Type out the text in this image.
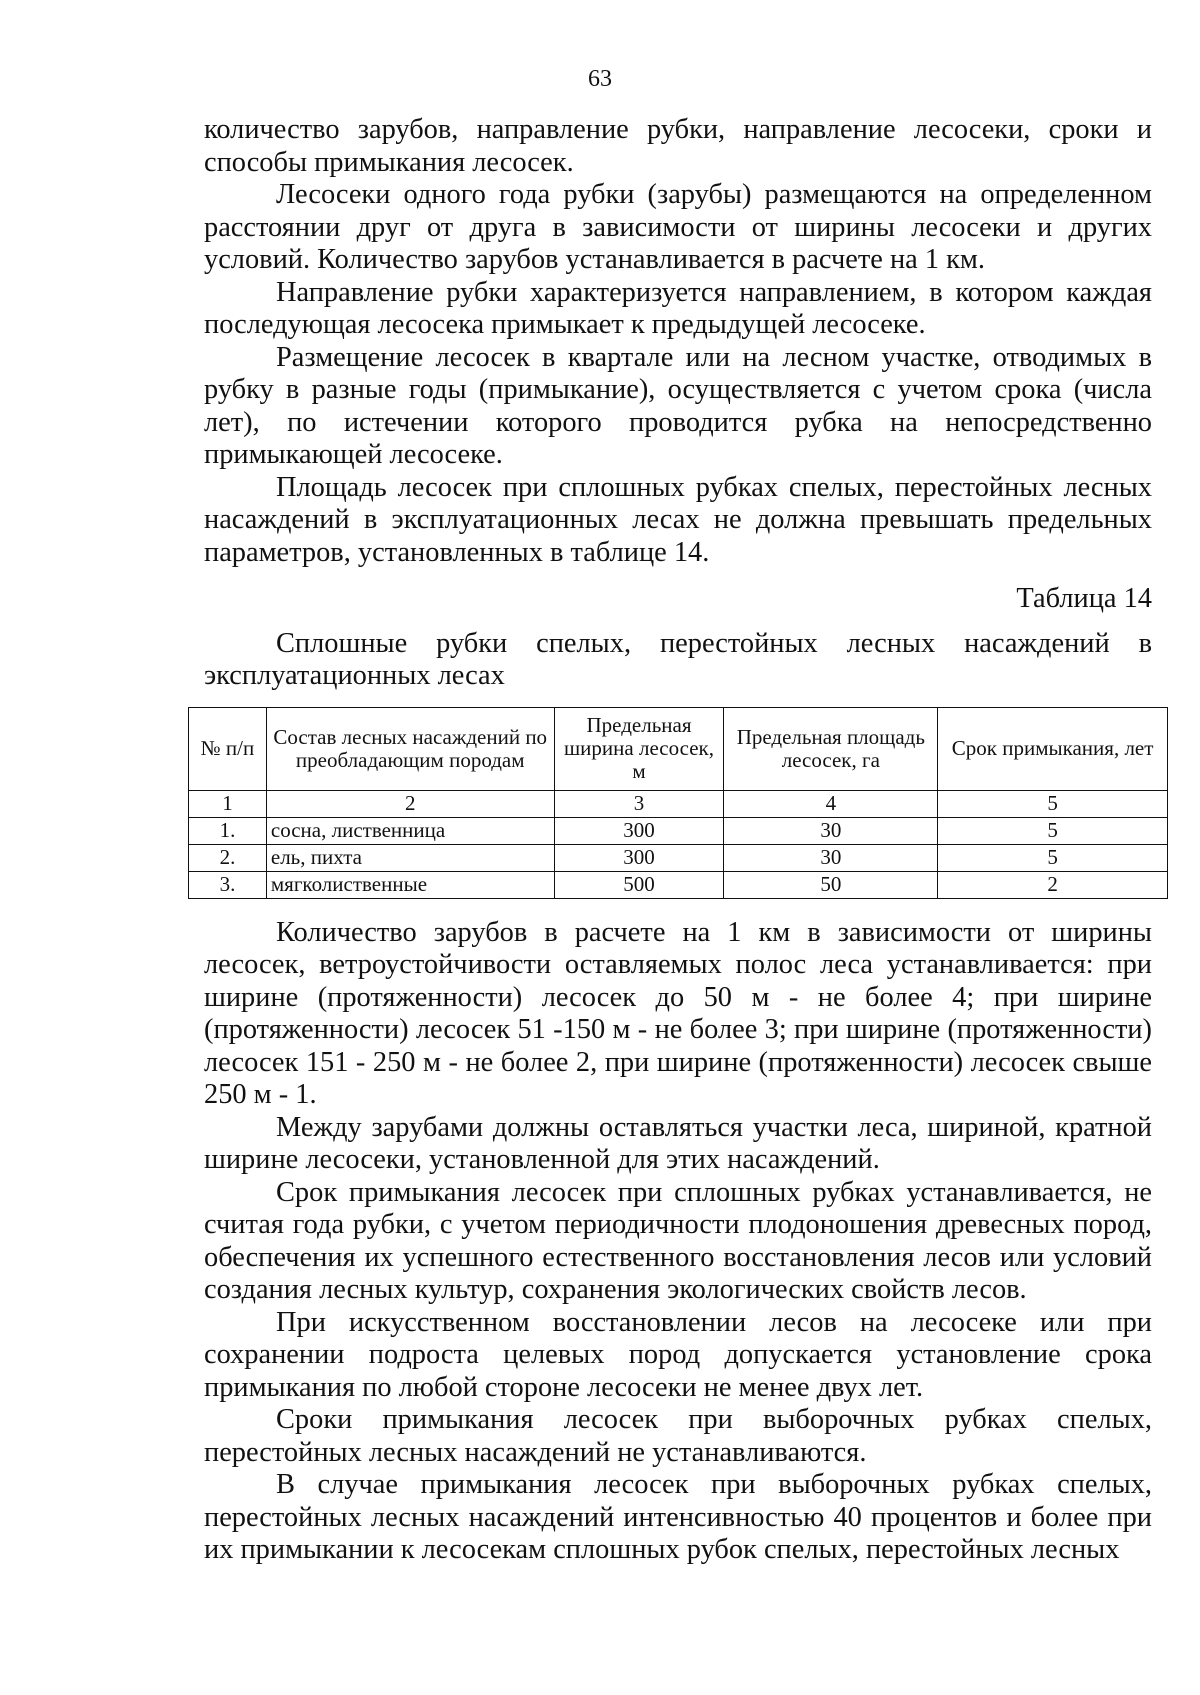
63

количество зарубов, направление рубки, направление лесосеки, сроки и способы примыкания лесосек.

Лесосеки одного года рубки (зарубы) размещаются на определенном расстоянии друг от друга в зависимости от ширины лесосеки и других условий. Количество зарубов устанавливается в расчете на 1 км.

Направление рубки характеризуется направлением, в котором каждая последующая лесосека примыкает к предыдущей лесосеке.

Размещение лесосек в квартале или на лесном участке, отводимых в рубку в разные годы (примыкание), осуществляется с учетом срока (числа лет), по истечении которого проводится рубка на непосредственно примыкающей лесосеке.

Площадь лесосек при сплошных рубках спелых, перестойных лесных насаждений в эксплуатационных лесах не должна превышать предельных параметров, установленных в таблице 14.

Таблица 14
Сплошные рубки спелых, перестойных лесных насаждений в эксплуатационных лесах
№ п/п	Состав лесных насаждений по преобладающим породам	Предельная ширина лесосек, м	Предельная площадь лесосек, га	Срок примыкания, лет
1	2	3	4	5
1.	сосна, лиственница	300	30	5
2.	ель, пихта	300	30	5
3.	мягколиственные	500	50	2

Количество зарубов в расчете на 1 км в зависимости от ширины лесосек, ветроустойчивости оставляемых полос леса устанавливается: при ширине (протяженности) лесосек до 50 м - не более 4; при ширине (протяженности) лесосек 51 -150 м - не более 3; при ширине (протяженности) лесосек 151 - 250 м - не более 2, при ширине (протяженности) лесосек свыше 250 м - 1.

Между зарубами должны оставляться участки леса, шириной, кратной ширине лесосеки, установленной для этих насаждений.

Срок примыкания лесосек при сплошных рубках устанавливается, не считая года рубки, с учетом периодичности плодоношения древесных пород, обеспечения их успешного естественного восстановления лесов или условий создания лесных культур, сохранения экологических свойств лесов.

При искусственном восстановлении лесов на лесосеке или при сохранении подроста целевых пород допускается установление срока примыкания по любой стороне лесосеки не менее двух лет.

Сроки примыкания лесосек при выборочных рубках спелых, перестойных лесных насаждений не устанавливаются.

В случае примыкания лесосек при выборочных рубках спелых, перестойных лесных насаждений интенсивностью 40 процентов и более при их примыкании к лесосекам сплошных рубок спелых, перестойных лесных
